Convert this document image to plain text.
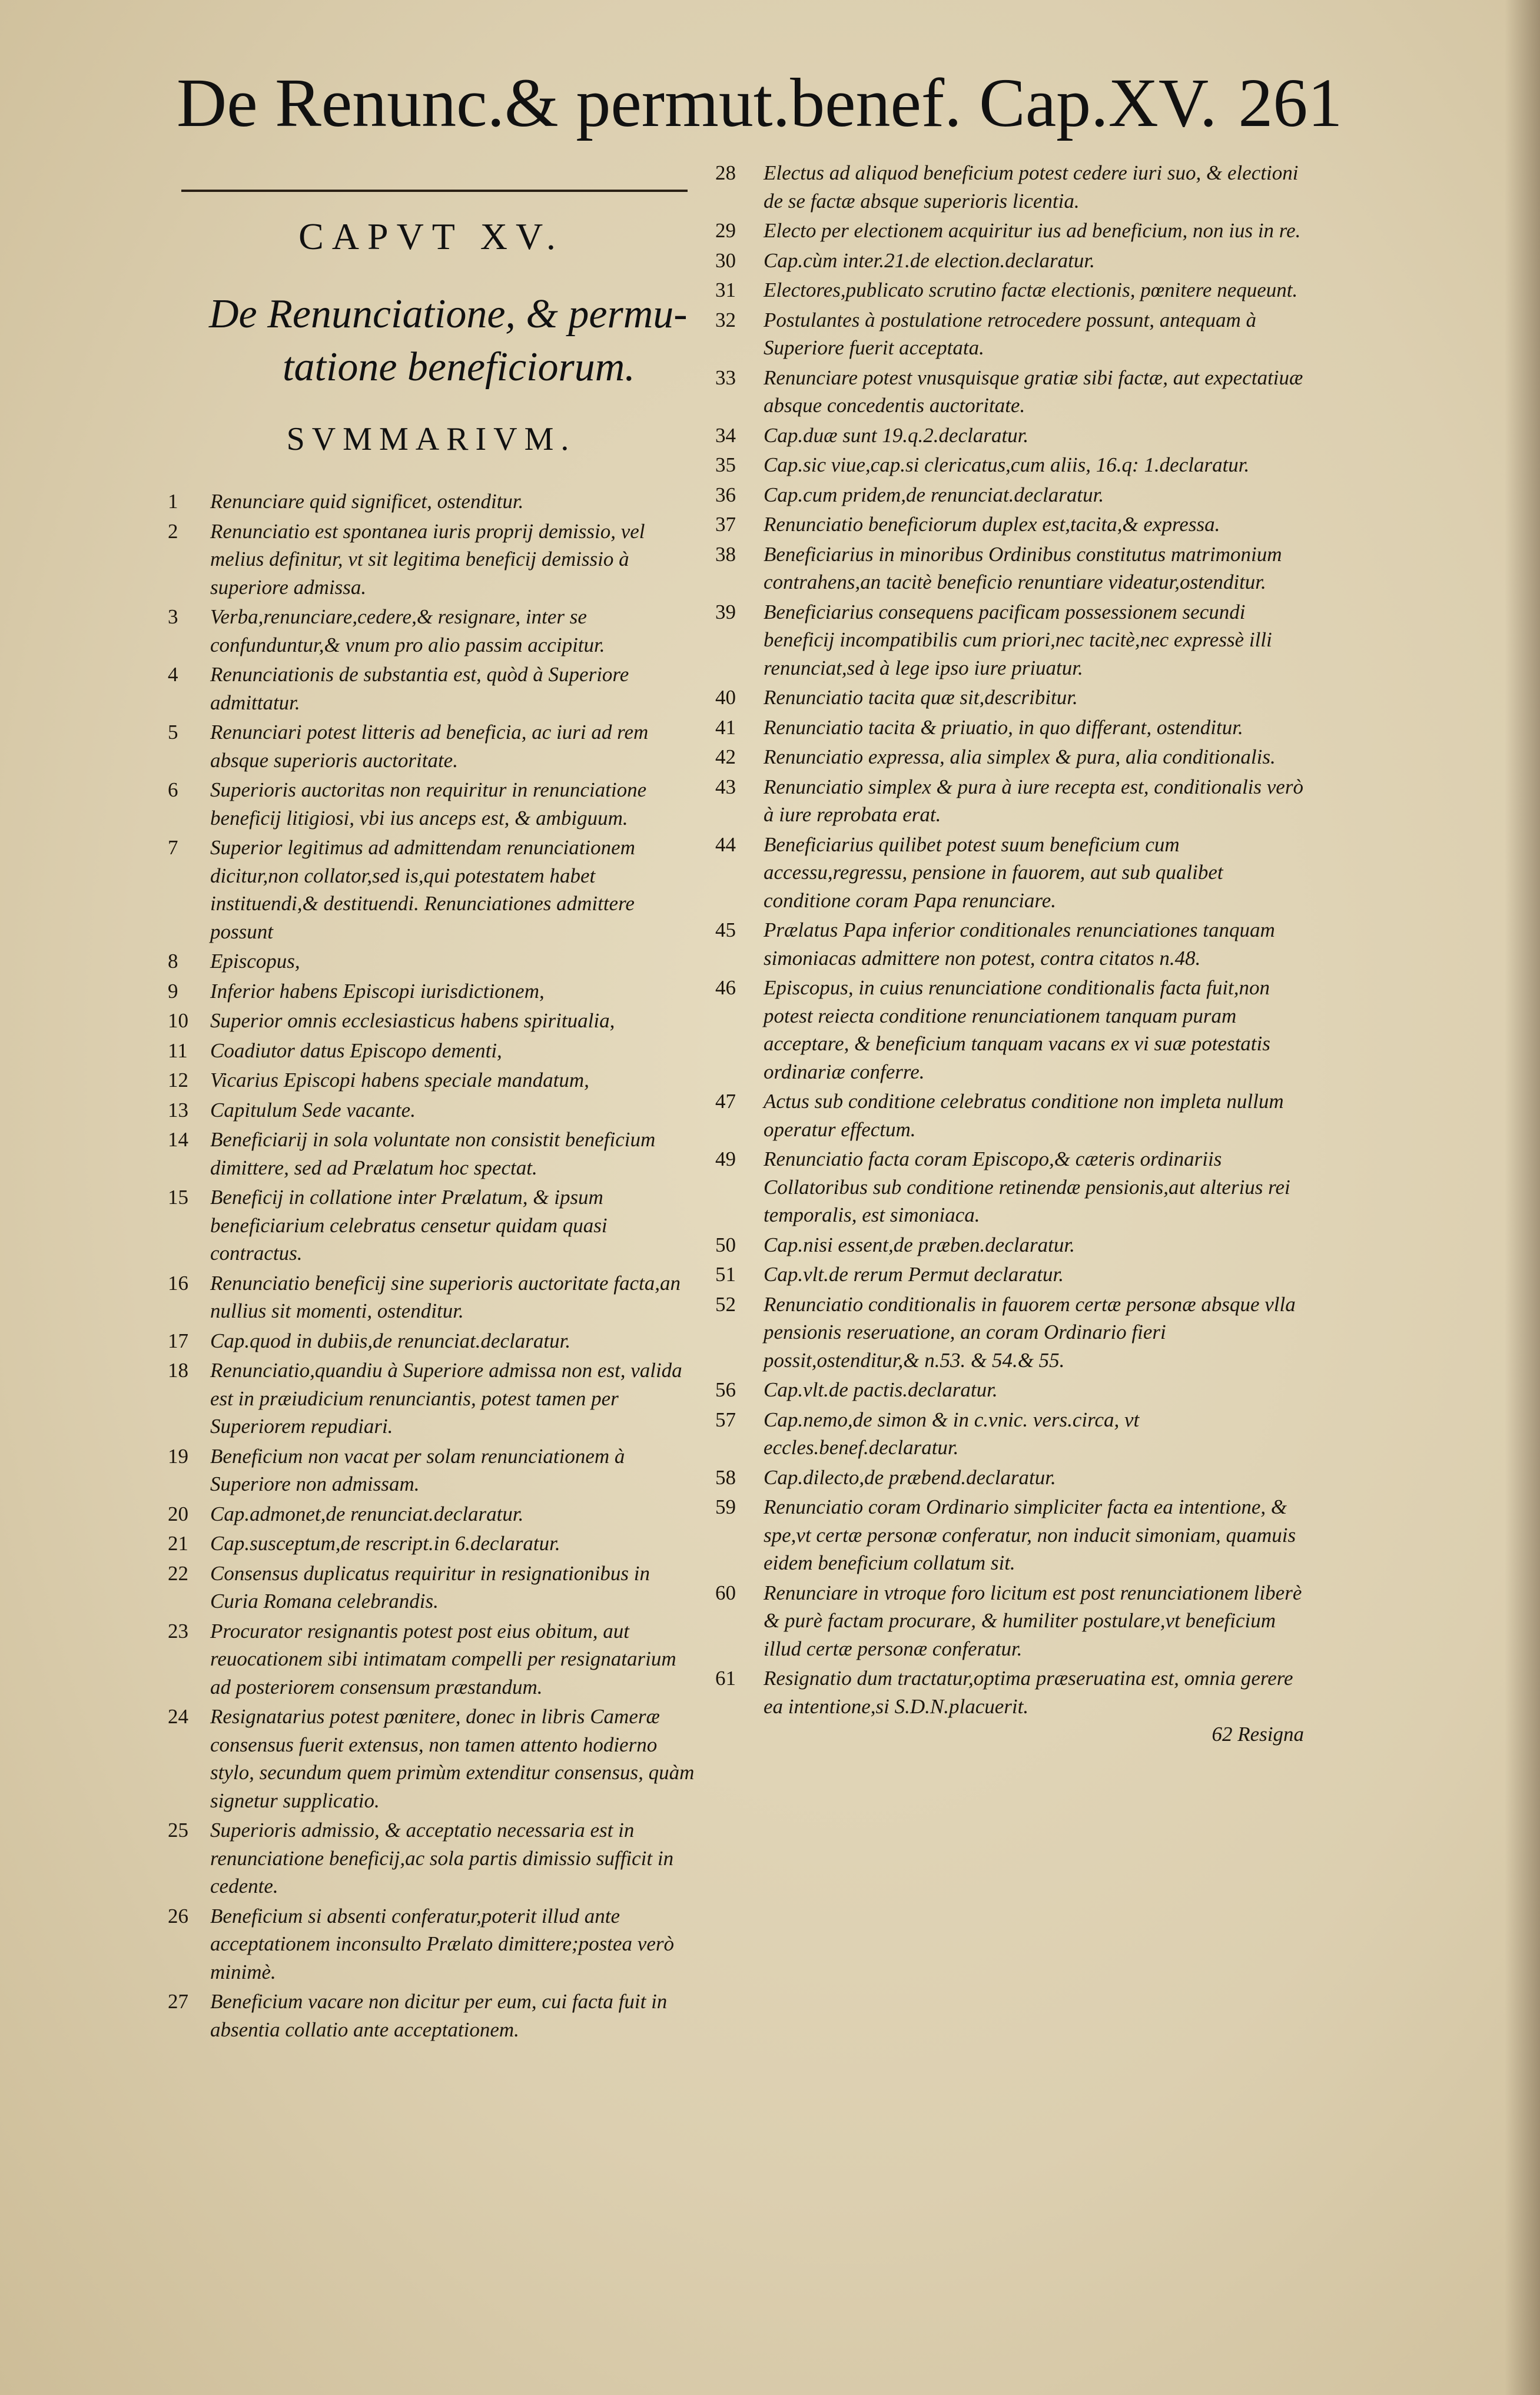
De Renunc.& permut.benef. Cap.XV. 261
CAPVT XV.
De Renunciatione, & permu-
tatione beneficiorum.
SVMMARIVM.
1	Renunciare quid significet, ostenditur.
2	Renunciatio est spontanea iuris proprij demissio, vel melius definitur, vt sit legitima beneficij demissio à superiore admissa.
3	Verba,renunciare,cedere,& resignare, inter se confunduntur,& vnum pro alio passim accipitur.
4	Renunciationis de substantia est, quòd à Superiore admittatur.
5	Renunciari potest litteris ad beneficia, ac iuri ad rem absque superioris auctoritate.
6	Superioris auctoritas non requiritur in renunciatione beneficij litigiosi, vbi ius anceps est, & ambiguum.
7	Superior legitimus ad admittendam renunciationem dicitur,non collator,sed is,qui potestatem habet instituendi,& destituendi. Renunciationes admittere possunt
8	Episcopus,
9	Inferior habens Episcopi iurisdictionem,
10	Superior omnis ecclesiasticus habens spiritualia,
11	Coadiutor datus Episcopo dementi,
12	Vicarius Episcopi habens speciale mandatum,
13	Capitulum Sede vacante.
14	Beneficiarij in sola voluntate non consistit beneficium dimittere, sed ad Prælatum hoc spectat.
15	Beneficij in collatione inter Prælatum, & ipsum beneficiarium celebratus censetur quidam quasi contractus.
16	Renunciatio beneficij sine superioris auctoritate facta,an nullius sit momenti, ostenditur.
17	Cap.quod in dubiis,de renunciat.declaratur.
18	Renunciatio,quandiu à Superiore admissa non est, valida est in præiudicium renunciantis, potest tamen per Superiorem repudiari.
19	Beneficium non vacat per solam renunciationem à Superiore non admissam.
20	Cap.admonet,de renunciat.declaratur.
21	Cap.susceptum,de rescript.in 6.declaratur.
22	Consensus duplicatus requiritur in resignationibus in Curia Romana celebrandis.
23	Procurator resignantis potest post eius obitum, aut reuocationem sibi intimatam compelli per resignatarium ad posteriorem consensum præstandum.
24	Resignatarius potest pœnitere, donec in libris Cameræ consensus fuerit extensus, non tamen attento hodierno stylo, secundum quem primùm extenditur consensus, quàm signetur supplicatio.
25	Superioris admissio, & acceptatio necessaria est in renunciatione beneficij,ac sola partis dimissio sufficit in cedente.
26	Beneficium si absenti conferatur,poterit illud ante acceptationem inconsulto Prælato dimittere;postea verò minimè.
27	Beneficium vacare non dicitur per eum, cui facta fuit in absentia collatio ante acceptationem.
28	Electus ad aliquod beneficium potest cedere iuri suo, & electioni de se factæ absque superioris licentia.
29	Electo per electionem acquiritur ius ad beneficium, non ius in re.
30	Cap.cùm inter.21.de election.declaratur.
31	Electores,publicato scrutino factæ electionis, pœnitere nequeunt.
32	Postulantes à postulatione retrocedere possunt, antequam à Superiore fuerit acceptata.
33	Renunciare potest vnusquisque gratiæ sibi factæ, aut expectatiuæ absque concedentis auctoritate.
34	Cap.duæ sunt 19.q.2.declaratur.
35	Cap.sic viue,cap.si clericatus,cum aliis, 16.q: 1.declaratur.
36	Cap.cum pridem,de renunciat.declaratur.
37	Renunciatio beneficiorum duplex est,tacita,& expressa.
38	Beneficiarius in minoribus Ordinibus constitutus matrimonium contrahens,an tacitè beneficio renuntiare videatur,ostenditur.
39	Beneficiarius consequens pacificam possessionem secundi beneficij incompatibilis cum priori,nec tacitè,nec expressè illi renunciat,sed à lege ipso iure priuatur.
40	Renunciatio tacita quæ sit,describitur.
41	Renunciatio tacita & priuatio, in quo differant, ostenditur.
42	Renunciatio expressa, alia simplex & pura, alia conditionalis.
43	Renunciatio simplex & pura à iure recepta est, conditionalis verò à iure reprobata erat.
44	Beneficiarius quilibet potest suum beneficium cum accessu,regressu, pensione in fauorem, aut sub qualibet conditione coram Papa renunciare.
45	Prælatus Papa inferior conditionales renunciationes tanquam simoniacas admittere non potest, contra citatos n.48.
46	Episcopus, in cuius renunciatione conditionalis facta fuit,non potest reiecta conditione renunciationem tanquam puram acceptare, & beneficium tanquam vacans ex vi suæ potestatis ordinariæ conferre.
47	Actus sub conditione celebratus conditione non impleta nullum operatur effectum.
49	Renunciatio facta coram Episcopo,& cæteris ordinariis Collatoribus sub conditione retinendæ pensionis,aut alterius rei temporalis, est simoniaca.
50	Cap.nisi essent,de præben.declaratur.
51	Cap.vlt.de rerum Permut declaratur.
52	Renunciatio conditionalis in fauorem certæ personæ absque vlla pensionis reseruatione, an coram Ordinario fieri possit,ostenditur,& n.53. & 54.& 55.
56	Cap.vlt.de pactis.declaratur.
57	Cap.nemo,de simon & in c.vnic. vers.circa, vt eccles.benef.declaratur.
58	Cap.dilecto,de præbend.declaratur.
59	Renunciatio coram Ordinario simpliciter facta ea intentione, & spe,vt certæ personæ conferatur, non inducit simoniam, quamuis eidem beneficium collatum sit.
60	Renunciare in vtroque foro licitum est post renunciationem liberè & purè factam procurare, & humiliter postulare,vt beneficium illud certæ personæ conferatur.
61	Resignatio dum tractatur,optima præseruatina est, omnia gerere ea intentione,si S.D.N.placuerit.
62 Resigna
